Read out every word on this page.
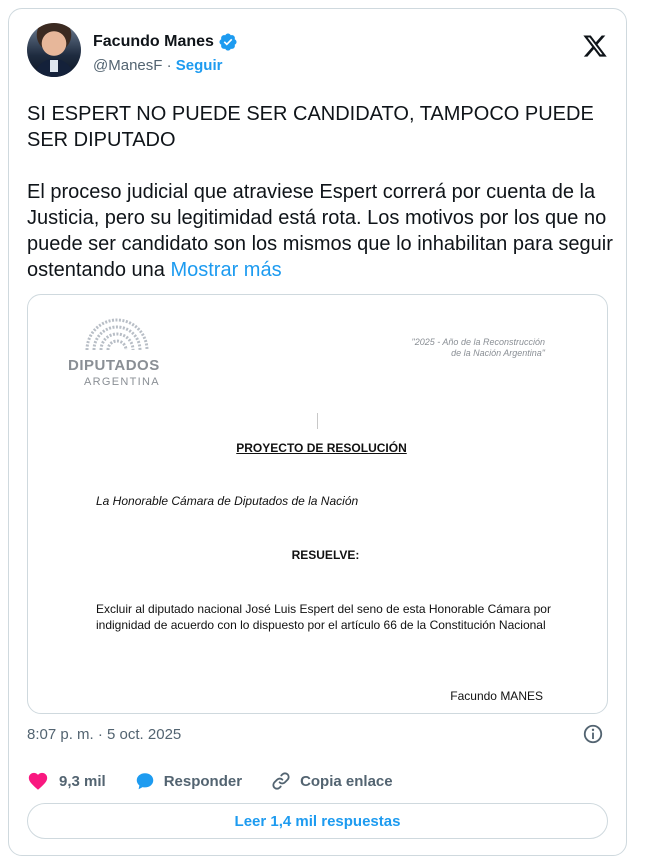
Facundo Manes
@ManesF · Seguir

SI ESPERT NO PUEDE SER CANDIDATO, TAMPOCO PUEDE SER DIPUTADO

El proceso judicial que atraviese Espert correrá por cuenta de la Justicia, pero su legitimidad está rota. Los motivos por los que no puede ser candidato son los mismos que lo inhabilitan para seguir ostentando una Mostrar más

DIPUTADOS
ARGENTINA
"2025 - Año de la Reconstrucción
de la Nación Argentina"
PROYECTO DE RESOLUCIÓN
La Honorable Cámara de Diputados de la Nación
RESUELVE:
Excluir al diputado nacional José Luis Espert del seno de esta Honorable Cámara por indignidad de acuerdo con lo dispuesto por el artículo 66 de la Constitución Nacional
Facundo MANES
8:07 p. m. · 5 oct. 2025
9,3 mil	Responder	Copia enlace
Leer 1,4 mil respuestas
